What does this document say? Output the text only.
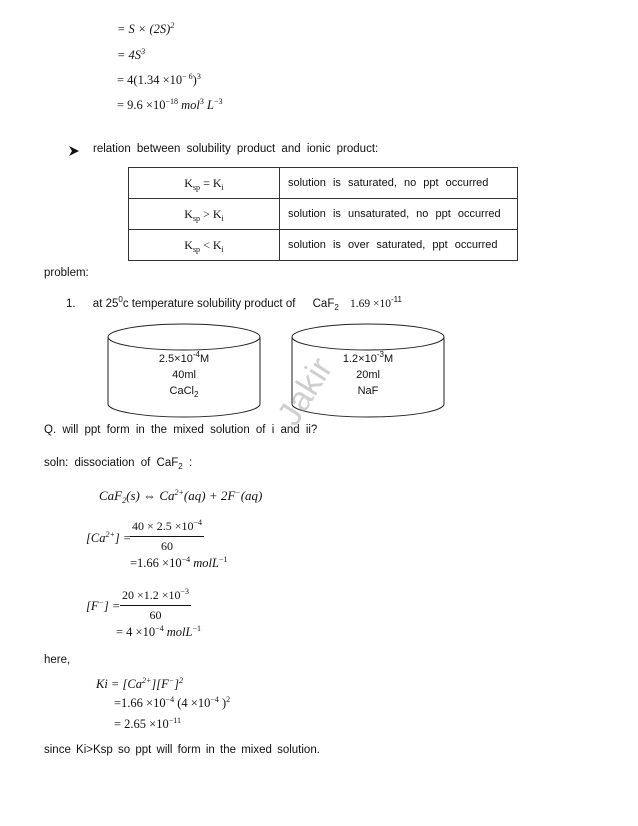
= $S \times (2S)^2$
= $4S^3$
= $4(1.34 \times 10^{- 6})^3$
= $9.6 \times 10^{-18}$ mol$^3$ $L^{-3}$
relation between solubility product and ionic product:
$K_{sp} = K_i$	solution is saturated, no ppt occurred
$K_{sp} > K_i$	solution is unsaturated, no ppt occurred
$K_{sp} < K_i$	solution is over saturated, ppt occurred
problem:
1. at $25^0c$ temperature solubility product of CaF$_2$ $1.69 \times 10^{-11}$
$2.5\times 10^{-4}M$
40ml
CaCl$_2$
$1.2\times 10^{-3}M$
20ml
NaF
Jakir
Q. will ppt form in the mixed solution of i and ii?
soln: dissociation of CaF$_2$ :
CaF$_2$(s) ⇔ $Ca^{2+}(aq) + 2F^-(aq)$
$[Ca^{2+}]$ =
$\frac{40 \times 2.5 \times 10^{-4}}{60}$
$=1.66 \times 10^{-4}$ molL$^{-1}$
$[F^-] = \frac{20 \times 1.2 \times 10^{-3}}{60}$
= $4 \times 10^{-4}$ molL$^{-1}$
here,
$Ki = [Ca^{2+}][F^-]^2$
$=1.66 \times 10^{-4}$ ($4 \times 10^{-4}$ )$^2$
= $2.65 \times 10^{-11}$
since Ki>Ksp so ppt will form in the mixed solution.
